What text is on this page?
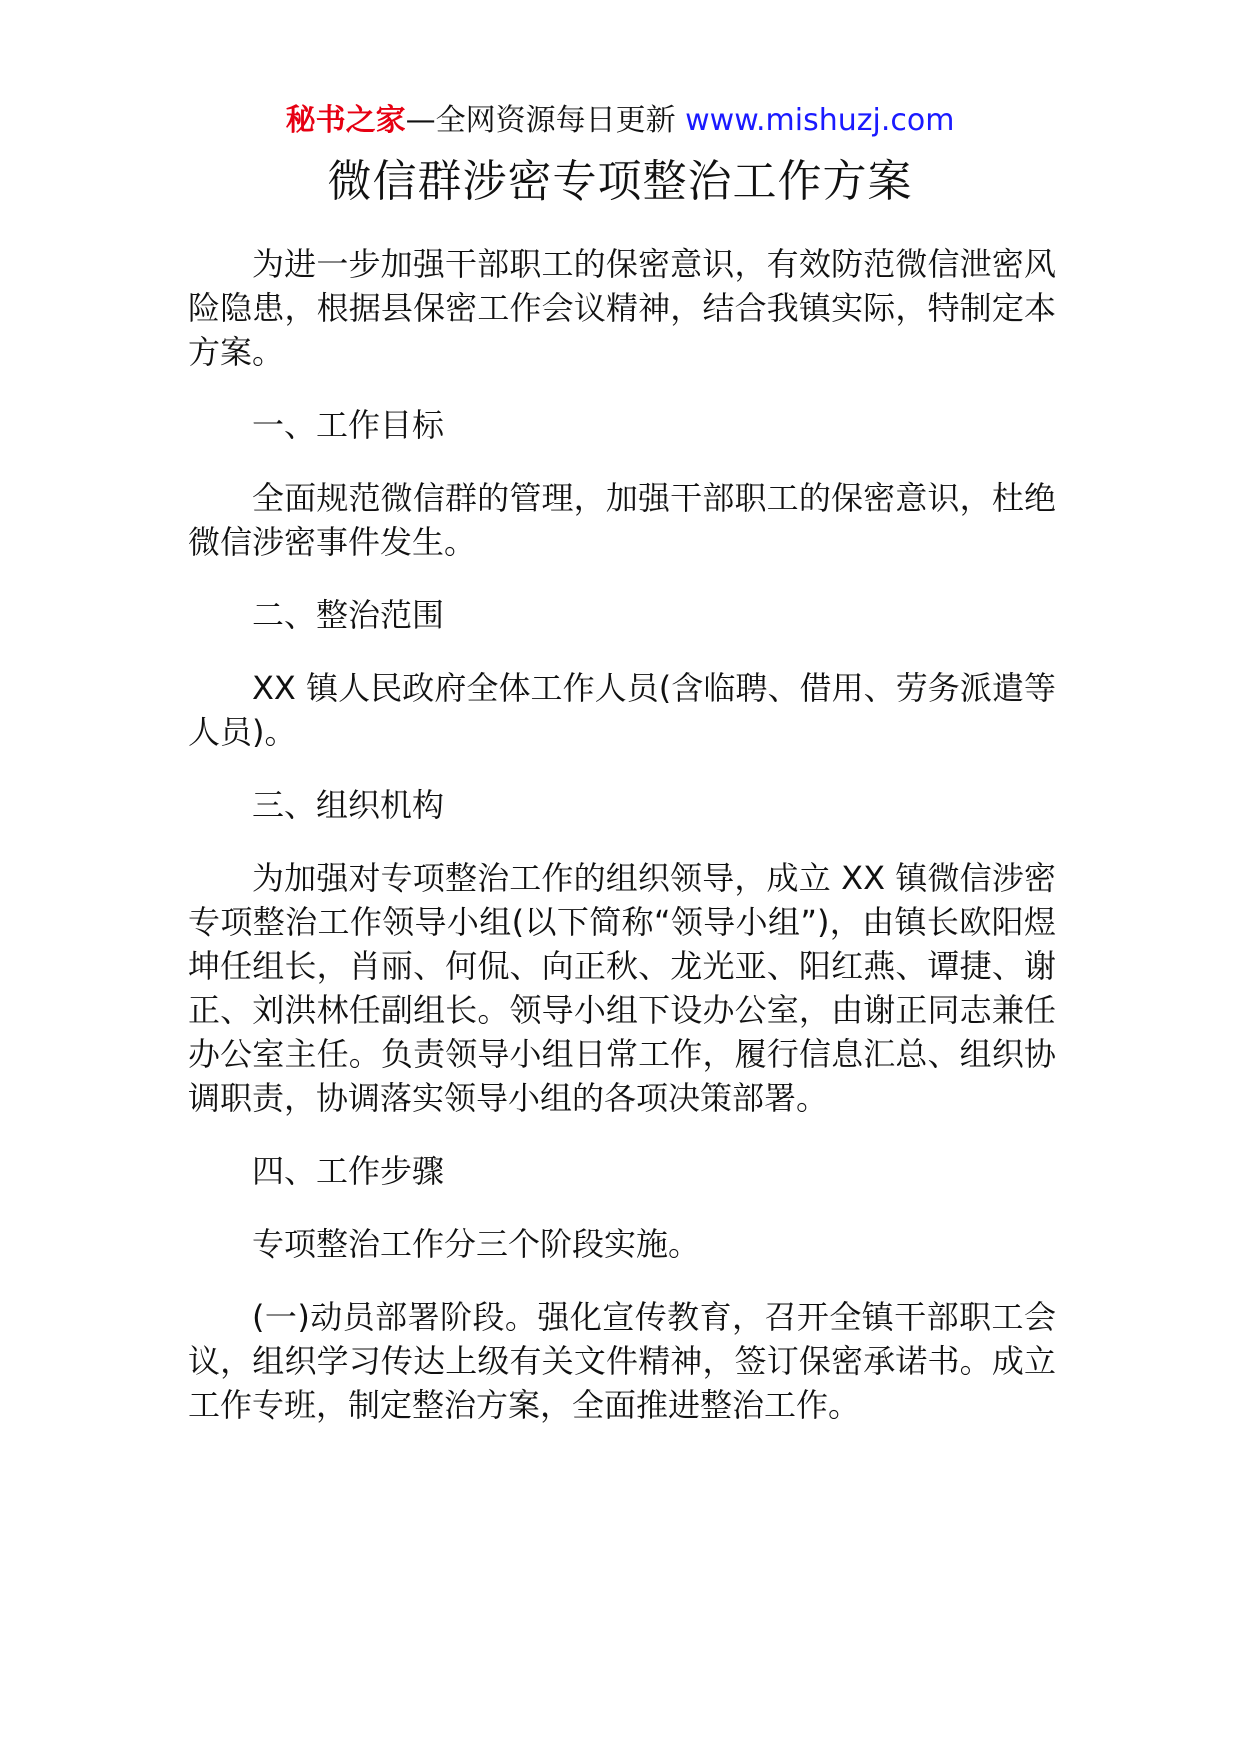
秘书之家—全网资源每日更新 www.mishuzj.com
微信群涉密专项整治工作方案

为进一步加强干部职工的保密意识，有效防范微信泄密风险隐患，根据县保密工作会议精神，结合我镇实际，特制定本方案。

一、工作目标

全面规范微信群的管理，加强干部职工的保密意识，杜绝微信涉密事件发生。

二、整治范围

XX 镇人民政府全体工作人员(含临聘、借用、劳务派遣等人员)。

三、组织机构

为加强对专项整治工作的组织领导，成立 XX 镇微信涉密专项整治工作领导小组(以下简称“领导小组”)，由镇长欧阳煜坤任组长，肖丽、何侃、向正秋、龙光亚、阳红燕、谭捷、谢正、刘洪林任副组长。领导小组下设办公室，由谢正同志兼任办公室主任。负责领导小组日常工作，履行信息汇总、组织协调职责，协调落实领导小组的各项决策部署。

四、工作步骤

专项整治工作分三个阶段实施。

(一)动员部署阶段。强化宣传教育，召开全镇干部职工会议，组织学习传达上级有关文件精神，签订保密承诺书。成立工作专班，制定整治方案，全面推进整治工作。
